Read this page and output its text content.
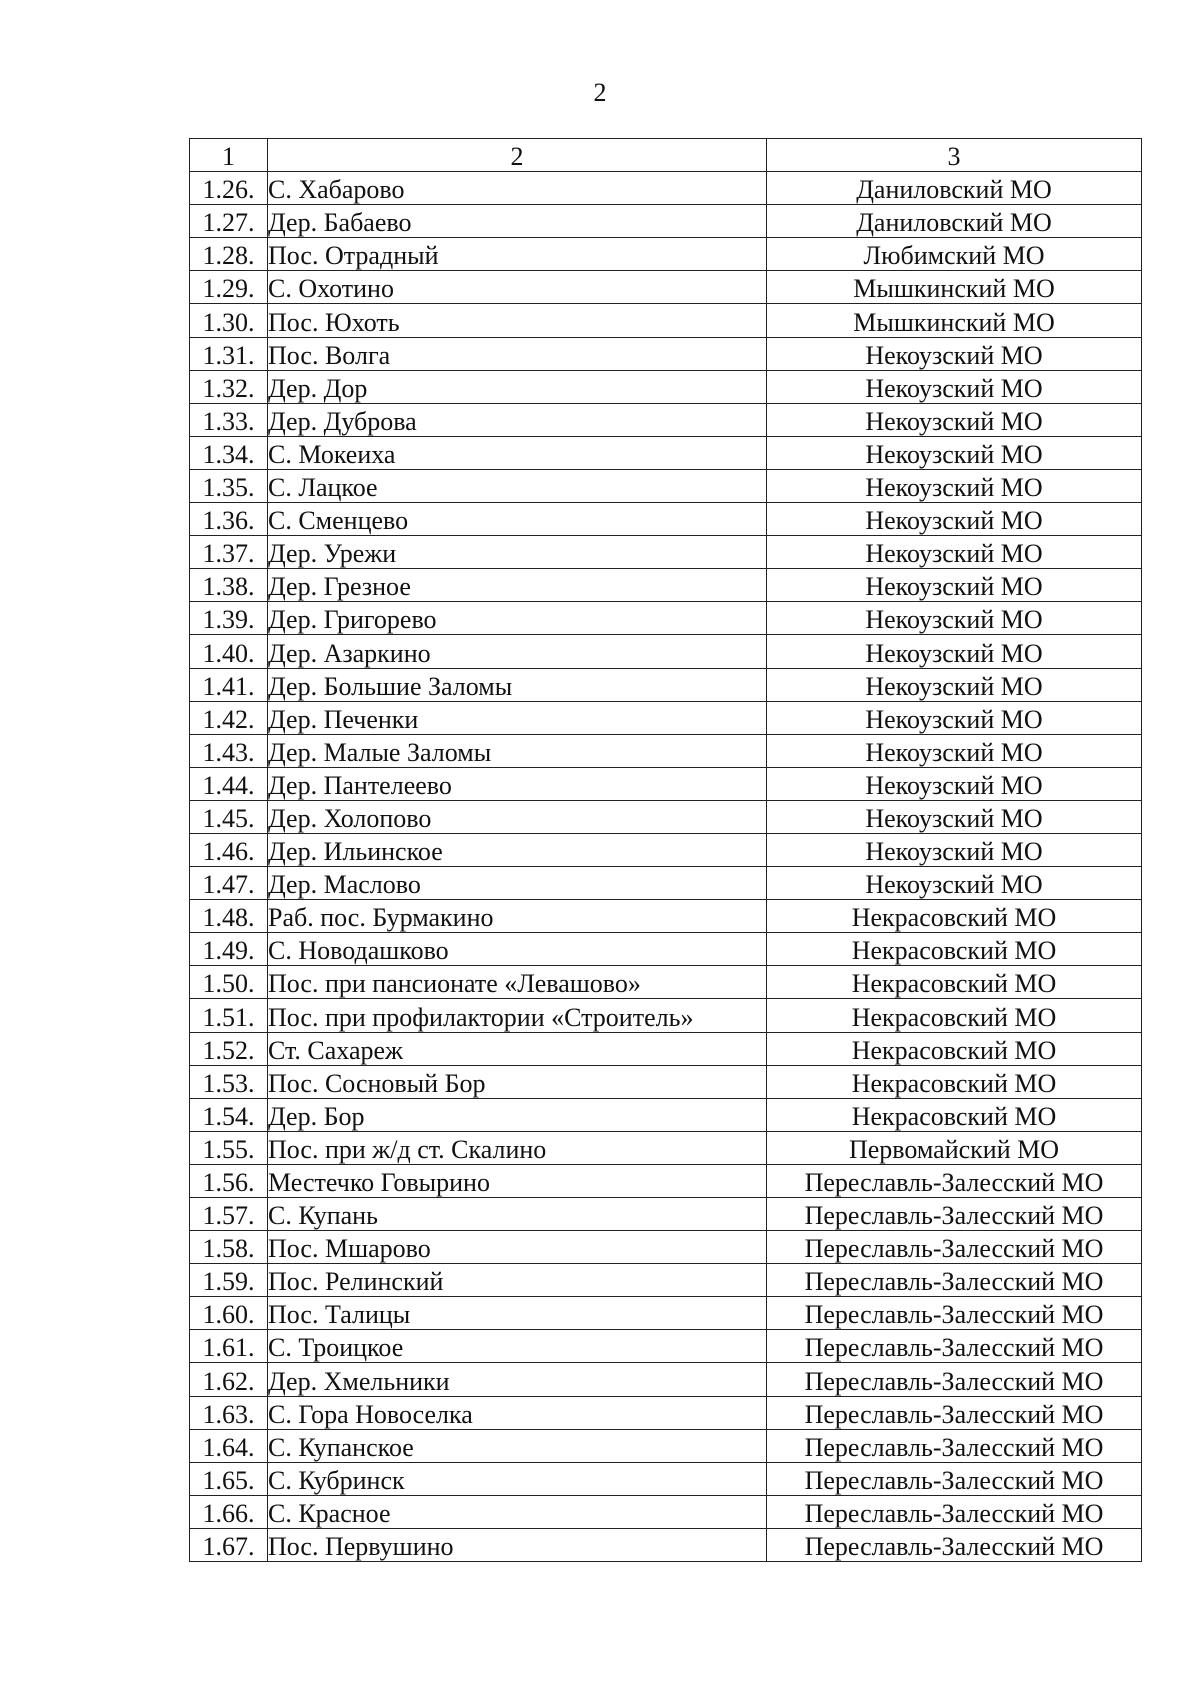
2
1	2	3
1.26.	С. Хабарово	Даниловский МО
1.27.	Дер. Бабаево	Даниловский МО
1.28.	Пос. Отрадный	Любимский МО
1.29.	С. Охотино	Мышкинский МО
1.30.	Пос. Юхоть	Мышкинский МО
1.31.	Пос. Волга	Некоузский МО
1.32.	Дер. Дор	Некоузский МО
1.33.	Дер. Дуброва	Некоузский МО
1.34.	С. Мокеиха	Некоузский МО
1.35.	С. Лацкое	Некоузский МО
1.36.	С. Сменцево	Некоузский МО
1.37.	Дер. Урежи	Некоузский МО
1.38.	Дер. Грезное	Некоузский МО
1.39.	Дер. Григорево	Некоузский МО
1.40.	Дер. Азаркино	Некоузский МО
1.41.	Дер. Большие Заломы	Некоузский МО
1.42.	Дер. Печенки	Некоузский МО
1.43.	Дер. Малые Заломы	Некоузский МО
1.44.	Дер. Пантелеево	Некоузский МО
1.45.	Дер. Холопово	Некоузский МО
1.46.	Дер. Ильинское	Некоузский МО
1.47.	Дер. Маслово	Некоузский МО
1.48.	Раб. пос. Бурмакино	Некрасовский МО
1.49.	С. Новодашково	Некрасовский МО
1.50.	Пос. при пансионате «Левашово»	Некрасовский МО
1.51.	Пос. при профилактории «Строитель»	Некрасовский МО
1.52.	Ст. Сахареж	Некрасовский МО
1.53.	Пос. Сосновый Бор	Некрасовский МО
1.54.	Дер. Бор	Некрасовский МО
1.55.	Пос. при ж/д ст. Скалино	Первомайский МО
1.56.	Местечко Говырино	Переславль-Залесский МО
1.57.	С. Купань	Переславль-Залесский МО
1.58.	Пос. Мшарово	Переславль-Залесский МО
1.59.	Пос. Релинский	Переславль-Залесский МО
1.60.	Пос. Талицы	Переславль-Залесский МО
1.61.	С. Троицкое	Переславль-Залесский МО
1.62.	Дер. Хмельники	Переславль-Залесский МО
1.63.	С. Гора Новоселка	Переславль-Залесский МО
1.64.	С. Купанское	Переславль-Залесский МО
1.65.	С. Кубринск	Переславль-Залесский МО
1.66.	С. Красное	Переславль-Залесский МО
1.67.	Пос. Первушино	Переславль-Залесский МО
